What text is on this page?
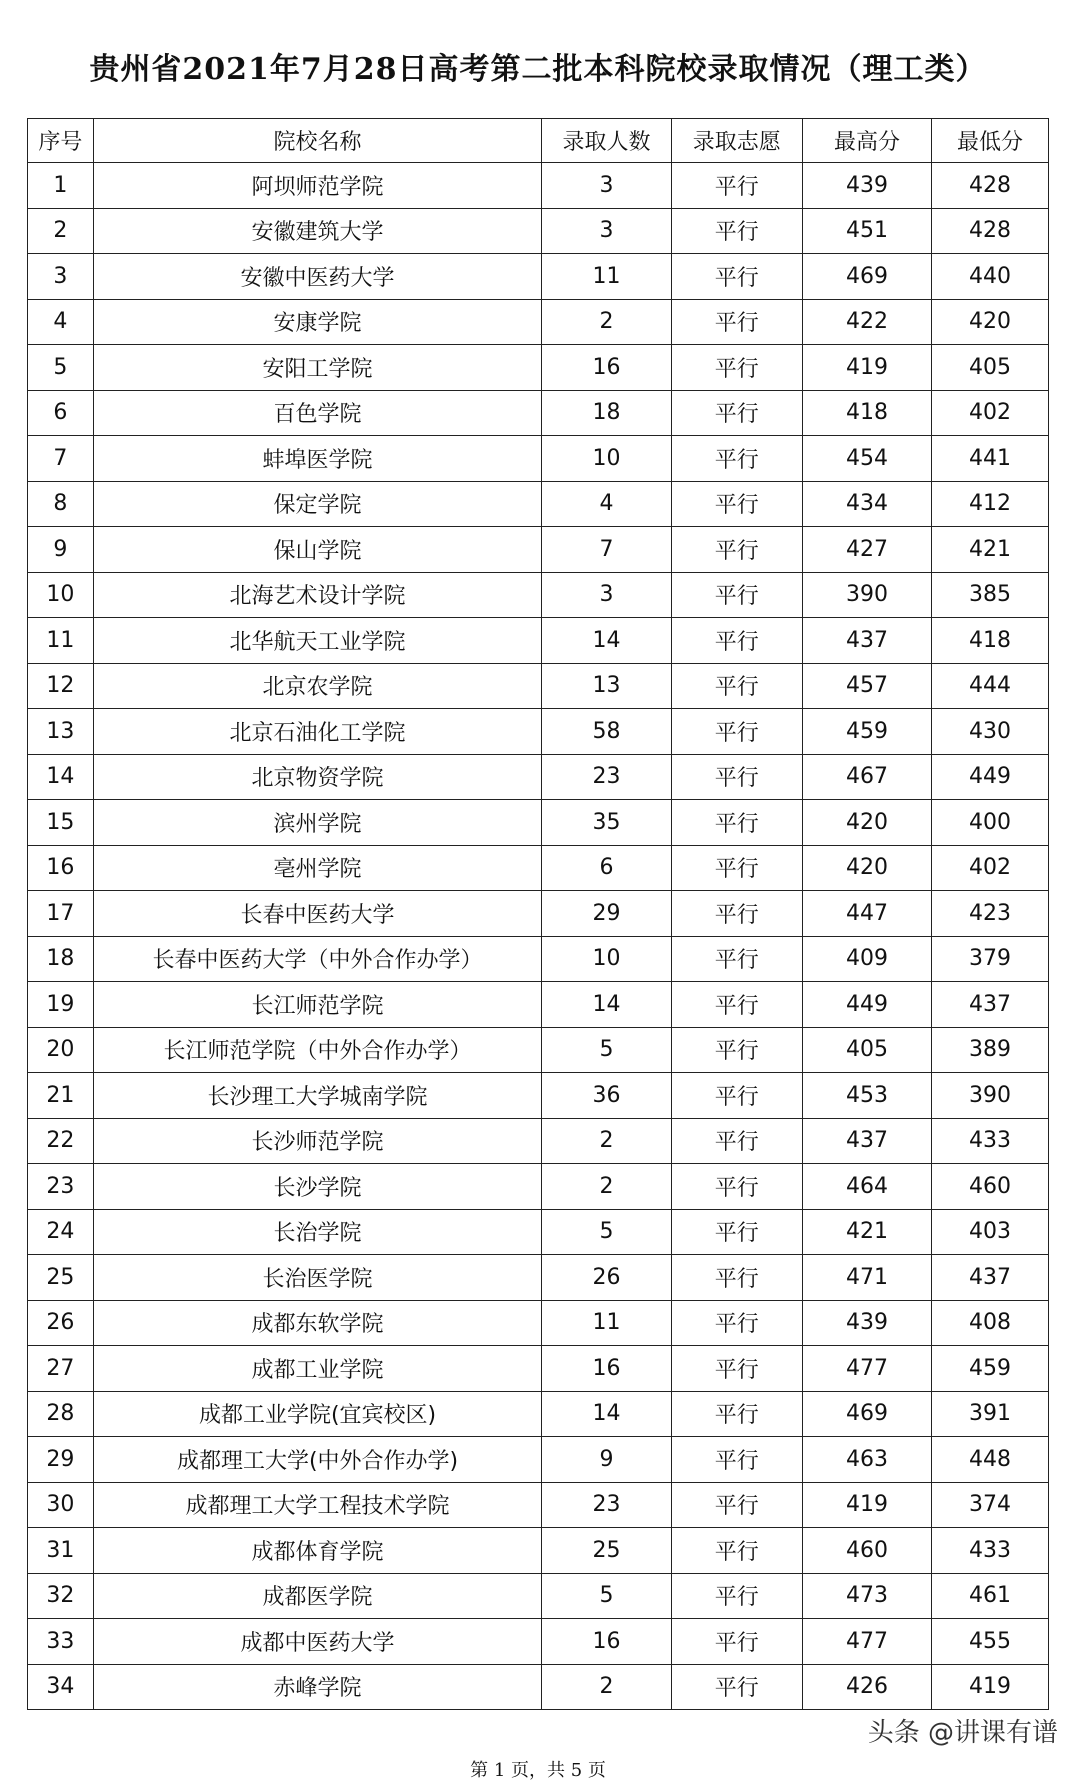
贵州省2021年7月28日高考第二批本科院校录取情况（理工类）
序号	院校名称	录取人数	录取志愿	最高分	最低分
1	阿坝师范学院	3	平行	439	428
2	安徽建筑大学	3	平行	451	428
3	安徽中医药大学	11	平行	469	440
4	安康学院	2	平行	422	420
5	安阳工学院	16	平行	419	405
6	百色学院	18	平行	418	402
7	蚌埠医学院	10	平行	454	441
8	保定学院	4	平行	434	412
9	保山学院	7	平行	427	421
10	北海艺术设计学院	3	平行	390	385
11	北华航天工业学院	14	平行	437	418
12	北京农学院	13	平行	457	444
13	北京石油化工学院	58	平行	459	430
14	北京物资学院	23	平行	467	449
15	滨州学院	35	平行	420	400
16	亳州学院	6	平行	420	402
17	长春中医药大学	29	平行	447	423
18	长春中医药大学（中外合作办学）	10	平行	409	379
19	长江师范学院	14	平行	449	437
20	长江师范学院（中外合作办学）	5	平行	405	389
21	长沙理工大学城南学院	36	平行	453	390
22	长沙师范学院	2	平行	437	433
23	长沙学院	2	平行	464	460
24	长治学院	5	平行	421	403
25	长治医学院	26	平行	471	437
26	成都东软学院	11	平行	439	408
27	成都工业学院	16	平行	477	459
28	成都工业学院(宜宾校区)	14	平行	469	391
29	成都理工大学(中外合作办学)	9	平行	463	448
30	成都理工大学工程技术学院	23	平行	419	374
31	成都体育学院	25	平行	460	433
32	成都医学院	5	平行	473	461
33	成都中医药大学	16	平行	477	455
34	赤峰学院	2	平行	426	419
头条 @讲课有谱
第 1 页，共 5 页
